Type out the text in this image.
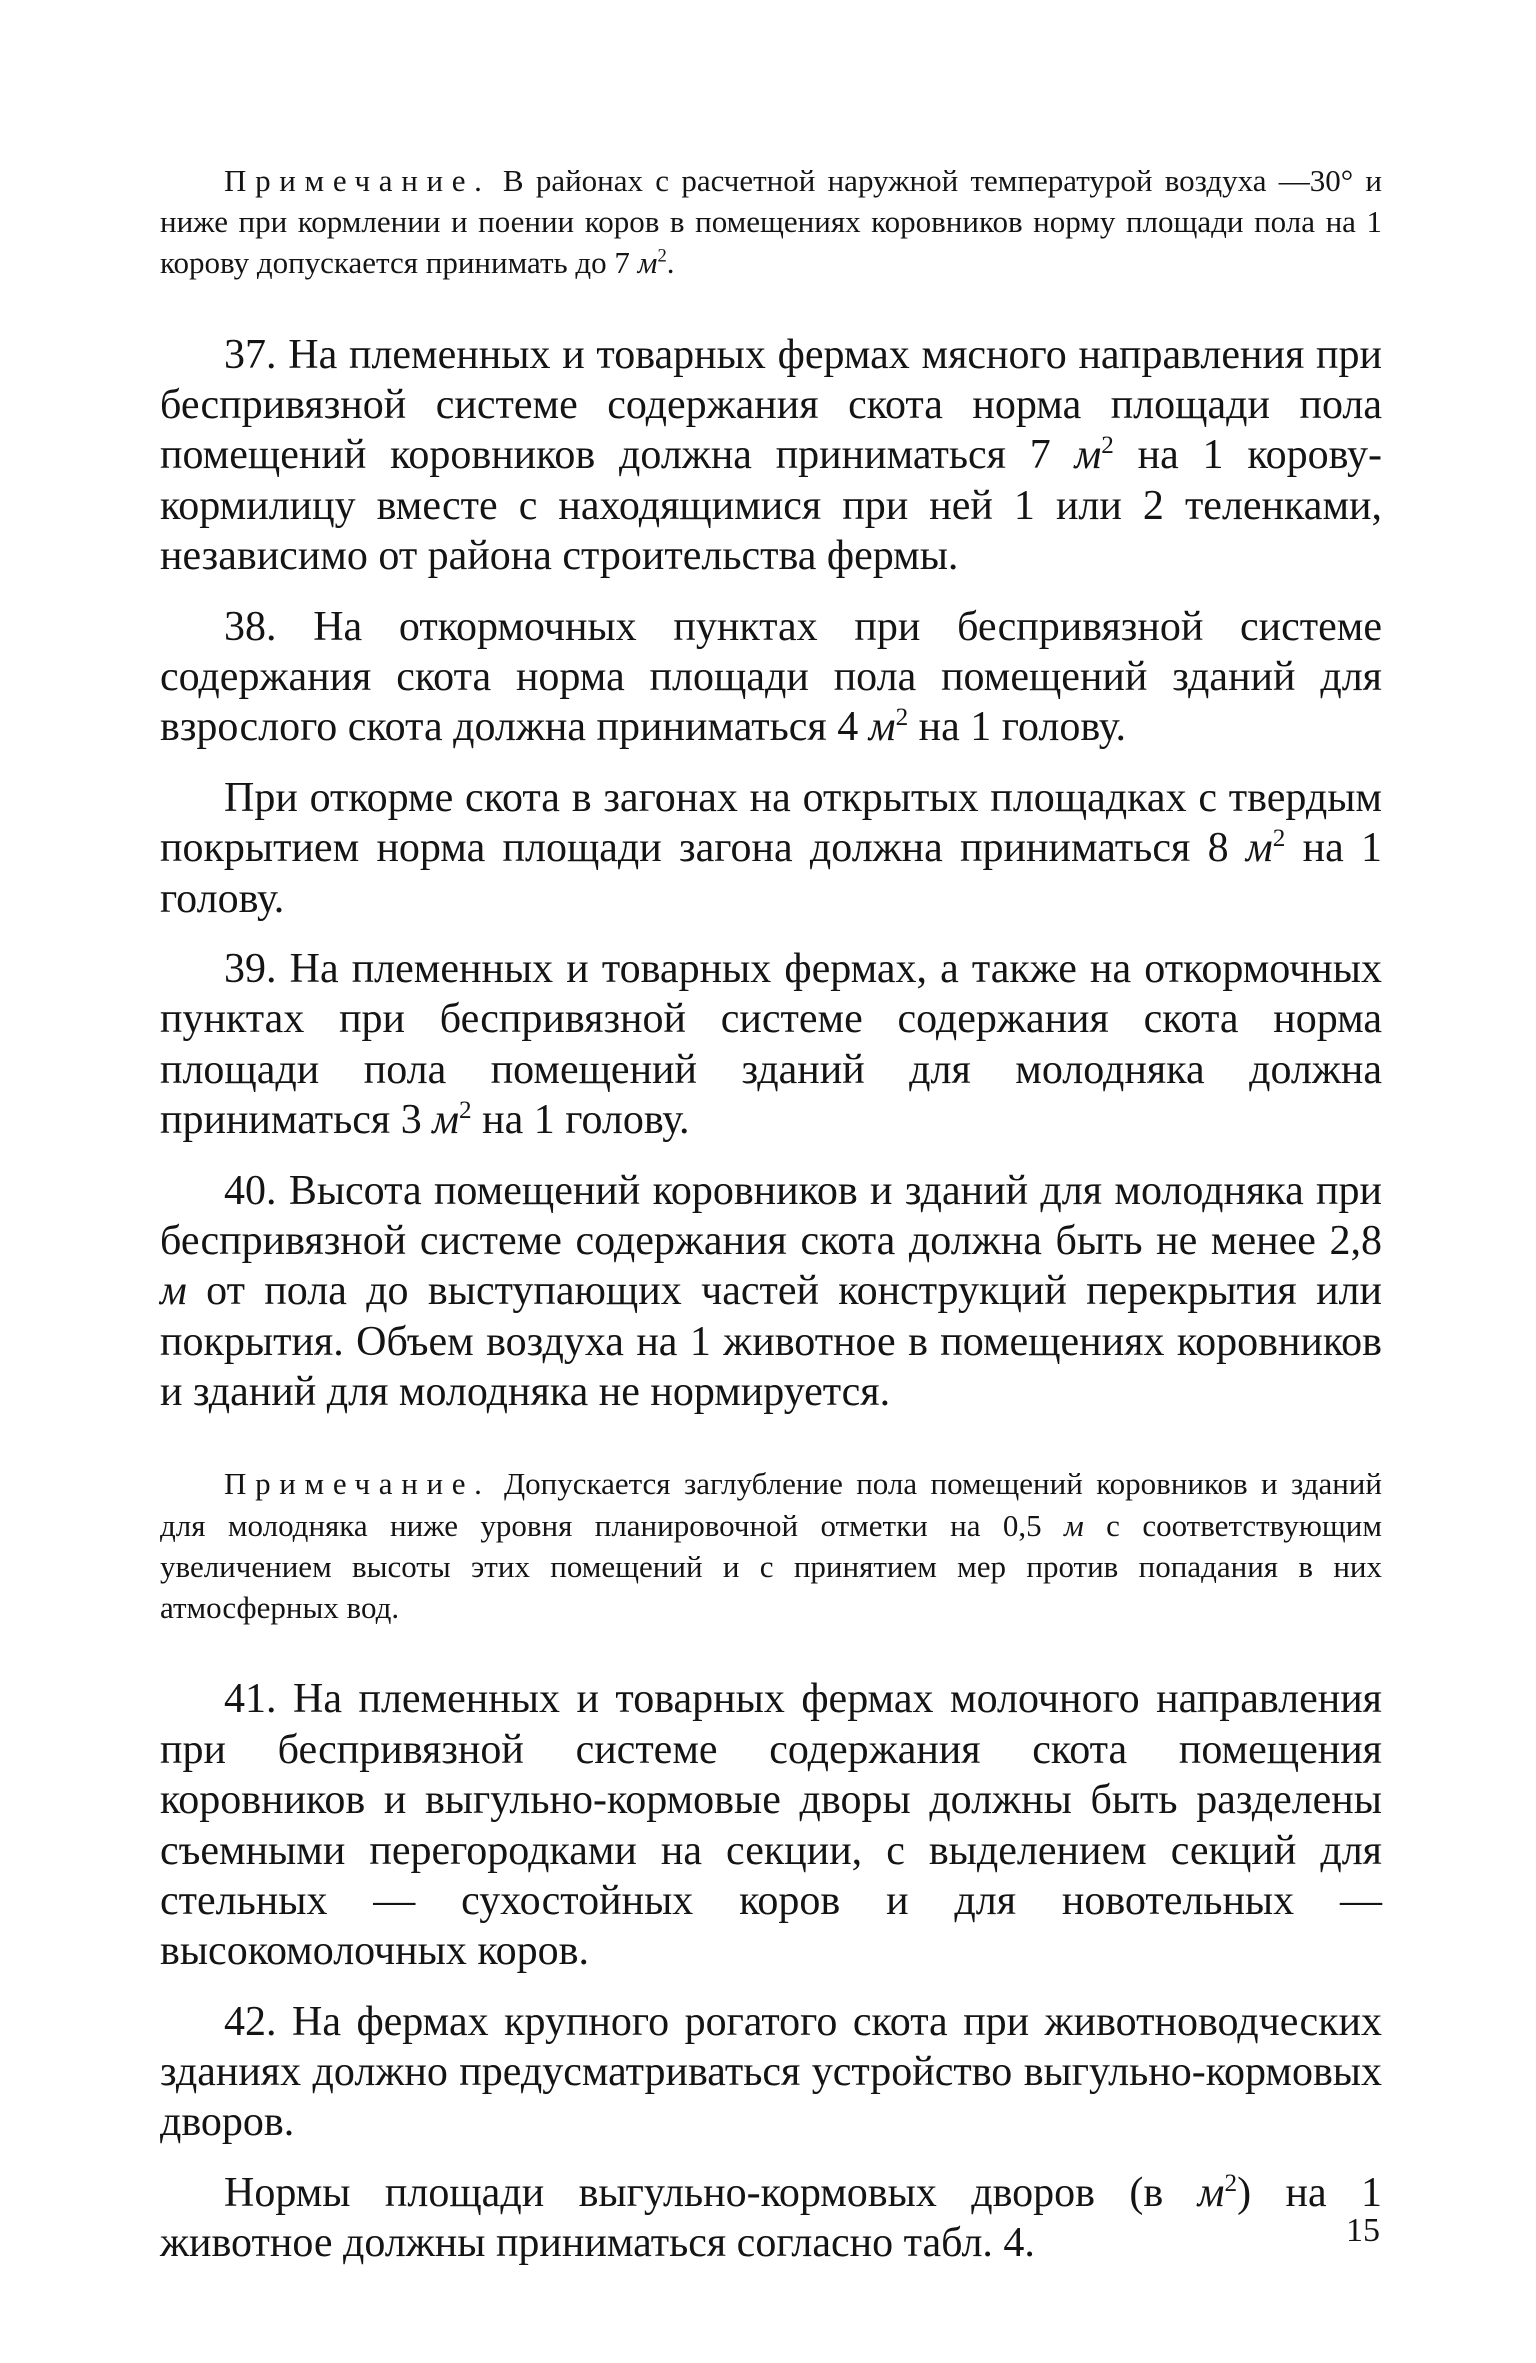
Примечание. В районах с расчетной наружной температурой воздуха —30° и ниже при кормлении и поении коров в помещениях коровников норму площади пола на 1 корову допускается принимать до 7 $м^2$.

37. На племенных и товарных фермах мясного направления при беспривязной системе содержания скота норма площади пола помещений коровников должна приниматься 7 $м^2$ на 1 корову-кормилицу вместе с находящимися при ней 1 или 2 теленками, независимо от района строительства фермы.

38. На откормочных пунктах при беспривязной системе содержания скота норма площади пола помещений зданий для взрослого скота должна приниматься 4 $м^2$ на 1 голову.

При откорме скота в загонах на открытых площадках с твердым покрытием норма площади загона должна приниматься 8 $м^2$ на 1 голову.

39. На племенных и товарных фермах, а также на откормочных пунктах при беспривязной системе содержания скота норма площади пола помещений зданий для молодняка должна приниматься 3 $м^2$ на 1 голову.

40. Высота помещений коровников и зданий для молодняка при беспривязной системе содержания скота должна быть не менее 2,8 м от пола до выступающих частей конструкций перекрытия или покрытия. Объем воздуха на 1 животное в помещениях коровников и зданий для молодняка не нормируется.

Примечание. Допускается заглубление пола помещений коровников и зданий для молодняка ниже уровня планировочной отметки на 0,5 м с соответствующим увеличением высоты этих помещений и с принятием мер против попадания в них атмосферных вод.

41. На племенных и товарных фермах молочного направления при беспривязной системе содержания скота помещения коровников и выгульно-кормовые дворы должны быть разделены съемными перегородками на секции, с выделением секций для стельных — сухостойных коров и для новотельных — высокомолочных коров.

42. На фермах крупного рогатого скота при животноводческих зданиях должно предусматриваться устройство выгульно-кормовых дворов.

Нормы площади выгульно-кормовых дворов (в $м^2$) на 1 животное должны приниматься согласно табл. 4.	15
